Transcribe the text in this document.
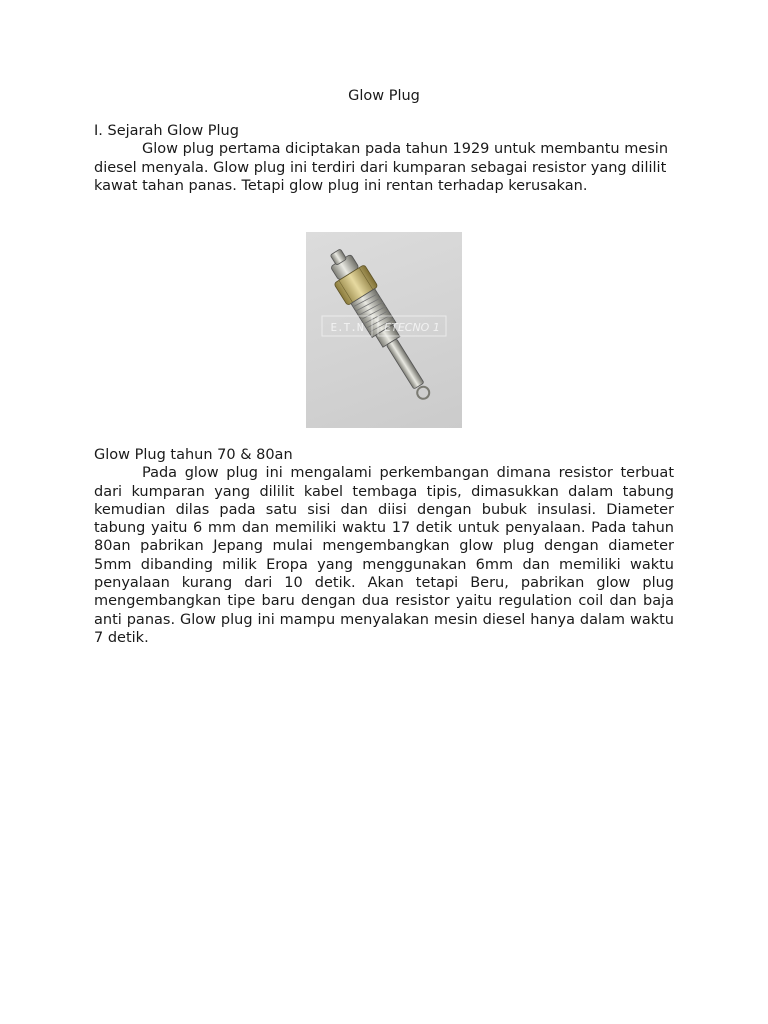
Glow Plug

I. Sejarah Glow Plug

Glow plug pertama diciptakan pada tahun 1929 untuk membantu mesin diesel menyala. Glow plug ini terdiri dari kumparan sebagai resistor yang dililit kawat tahan panas. Tetapi glow plug ini rentan terhadap kerusakan.

E.T.N ETECNO 1

Glow Plug tahun 70 & 80an

Pada glow plug ini mengalami perkembangan dimana resistor terbuat dari kumparan yang dililit kabel tembaga tipis, dimasukkan dalam tabung kemudian dilas pada satu sisi dan diisi dengan bubuk insulasi. Diameter tabung yaitu 6 mm dan memiliki waktu 17 detik untuk penyalaan. Pada tahun 80an pabrikan Jepang mulai mengembangkan glow plug dengan diameter 5mm dibanding milik Eropa yang menggunakan 6mm dan memiliki waktu penyalaan kurang dari 10 detik. Akan tetapi Beru, pabrikan glow plug mengembangkan tipe baru dengan dua resistor yaitu regulation coil dan baja anti panas. Glow plug ini mampu menyalakan mesin diesel hanya dalam waktu 7 detik.
